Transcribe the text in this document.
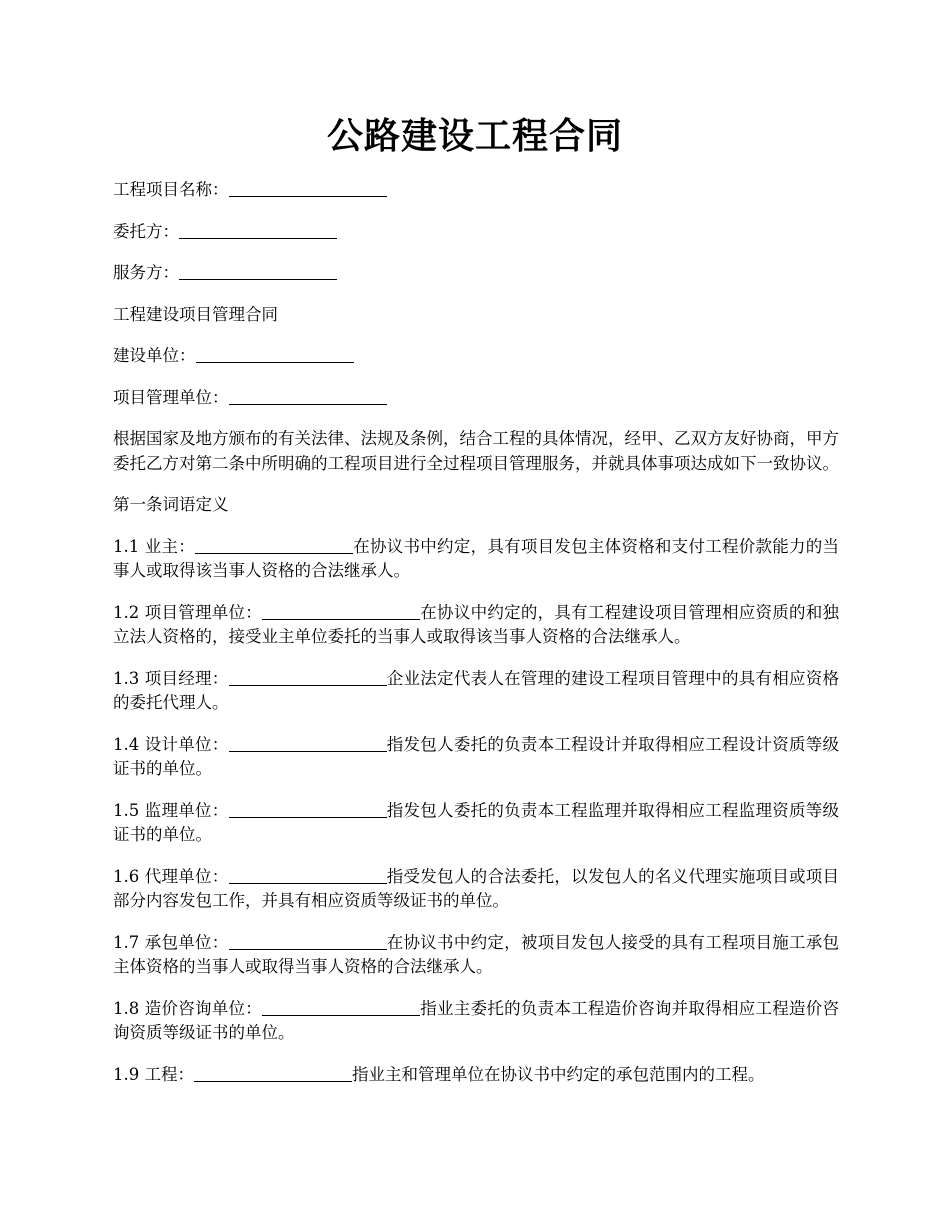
公路建设工程合同

工程项目名称：

委托方：

服务方：

工程建设项目管理合同

建设单位：

项目管理单位：

根据国家及地方颁布的有关法律、法规及条例，结合工程的具体情况，经甲、乙双方友好协商，甲方委托乙方对第二条中所明确的工程项目进行全过程项目管理服务，并就具体事项达成如下一致协议。

第一条词语定义

1.1 业主：	在协议书中约定，具有项目发包主体资格和支付工程价款能力的当事人或取得该当事人资格的合法继承人。

1.2 项目管理单位：	在协议中约定的，具有工程建设项目管理相应资质的和独立法人资格的，接受业主单位委托的当事人或取得该当事人资格的合法继承人。

1.3 项目经理：	企业法定代表人在管理的建设工程项目管理中的具有相应资格的委托代理人。

1.4 设计单位：	指发包人委托的负责本工程设计并取得相应工程设计资质等级证书的单位。

1.5 监理单位：	指发包人委托的负责本工程监理并取得相应工程监理资质等级证书的单位。

1.6 代理单位：	指受发包人的合法委托，以发包人的名义代理实施项目或项目部分内容发包工作，并具有相应资质等级证书的单位。

1.7 承包单位：	在协议书中约定，被项目发包人接受的具有工程项目施工承包主体资格的当事人或取得当事人资格的合法继承人。

1.8 造价咨询单位：	指业主委托的负责本工程造价咨询并取得相应工程造价咨询资质等级证书的单位。

1.9 工程：	指业主和管理单位在协议书中约定的承包范围内的工程。
